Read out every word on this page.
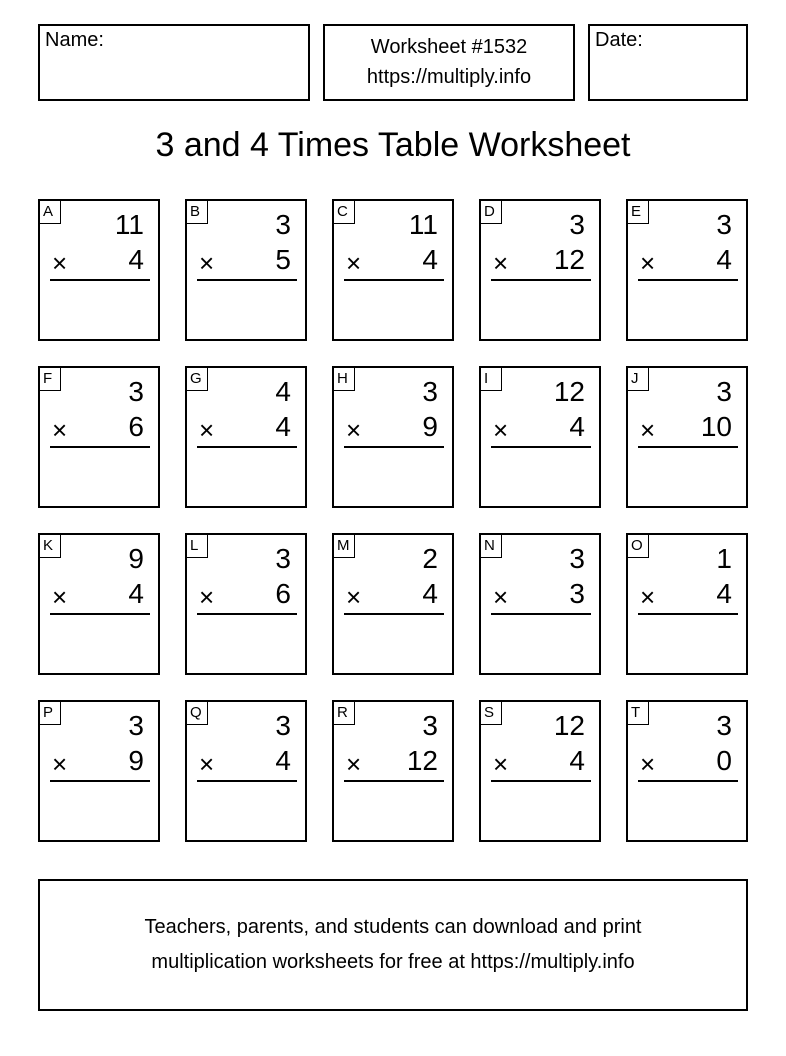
Name:	Worksheet #1532
https://multiply.info
Date:
3 and 4 Times Table Worksheet
A 11
× 4
B	3
× 5
C 11
× 4
D	3
× 12
E	3
× 4
F	3
× 6
G	4
× 4
H	3
× 9
I	12
× 4
J	3
× 10
K	9
× 4
L	3
× 6
M	2
× 4
N	3
× 3
O	1
× 4
P	3
× 9
Q	3
× 4
R	3
× 12
S 12
× 4
T	3
× 0
Teachers, parents, and students can download and print
multiplication worksheets for free at https://multiply.info
